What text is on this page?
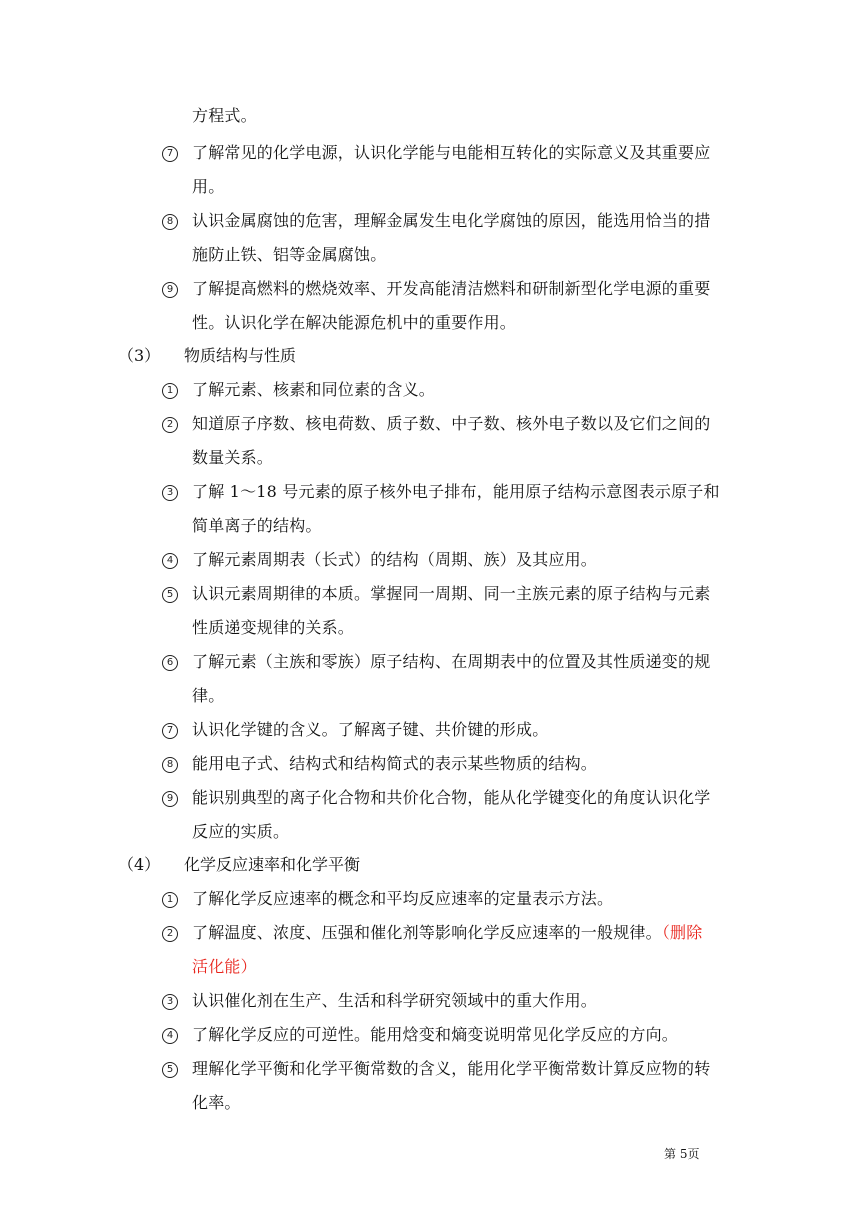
方程式。
7	了解常见的化学电源，认识化学能与电能相互转化的实际意义及其重要应
用。
8	认识金属腐蚀的危害，理解金属发生电化学腐蚀的原因，能选用恰当的措
施防止铁、铝等金属腐蚀。
9	了解提高燃料的燃烧效率、开发高能清洁燃料和研制新型化学电源的重要
性。认识化学在解决能源危机中的重要作用。
（3） 物质结构与性质
1	了解元素、核素和同位素的含义。
2	知道原子序数、核电荷数、质子数、中子数、核外电子数以及它们之间的
数量关系。
3	了解 1～18 号元素的原子核外电子排布，能用原子结构示意图表示原子和
简单离子的结构。
4	了解元素周期表（长式）的结构（周期、族）及其应用。
5	认识元素周期律的本质。掌握同一周期、同一主族元素的原子结构与元素
性质递变规律的关系。
6	了解元素（主族和零族）原子结构、在周期表中的位置及其性质递变的规
律。
7	认识化学键的含义。了解离子键、共价键的形成。
8	能用电子式、结构式和结构简式的表示某些物质的结构。
9	能识别典型的离子化合物和共价化合物，能从化学键变化的角度认识化学
反应的实质。
（4） 化学反应速率和化学平衡
1	了解化学反应速率的概念和平均反应速率的定量表示方法。
2	了解温度、浓度、压强和催化剂等影响化学反应速率的一般规律。（删除
活化能）
3	认识催化剂在生产、生活和科学研究领域中的重大作用。
4	了解化学反应的可逆性。能用焓变和熵变说明常见化学反应的方向。
5	理解化学平衡和化学平衡常数的含义，能用化学平衡常数计算反应物的转
化率。
第 5页
